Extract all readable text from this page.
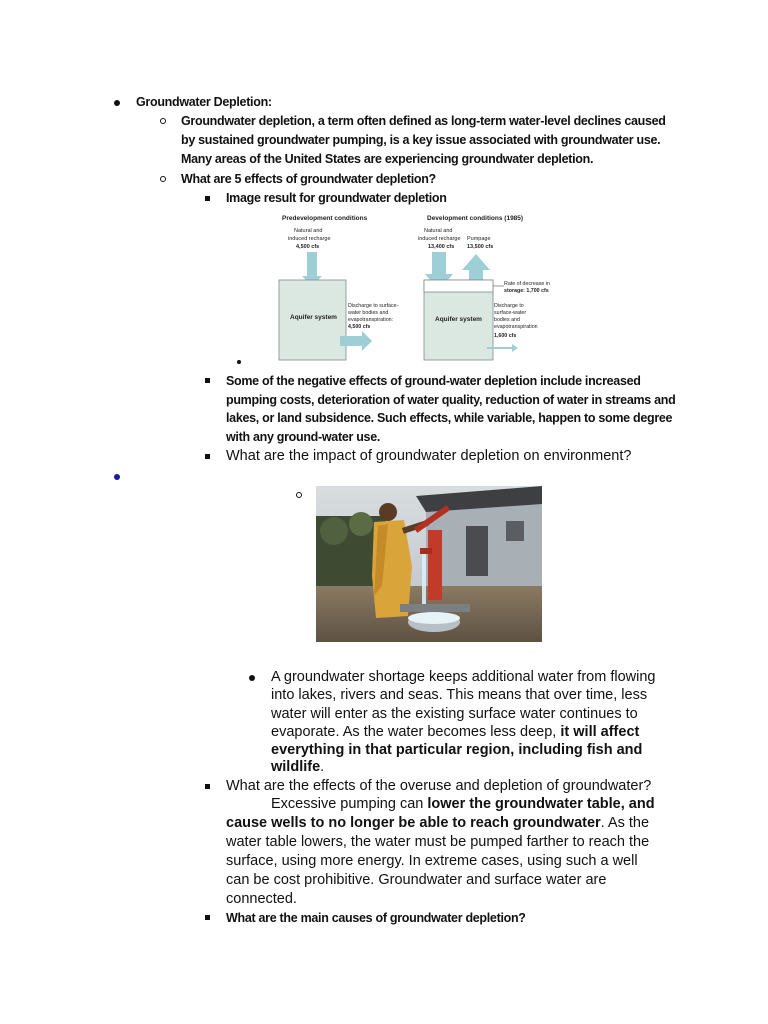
Groundwater Depletion:
Groundwater depletion, a term often defined as long-term water-level declines caused
by sustained groundwater pumping, is a key issue associated with groundwater use.
Many areas of the United States are experiencing groundwater depletion.
What are 5 effects of groundwater depletion?
Image result for groundwater depletion
Predevelopment conditions
Natural and
induced recharge
4,500 cfs
Aquifer system
Discharge to surface-
water bodies and
evapotranspiration:
4,500 cfs
Development conditions (1985)
Natural and
induced recharge
13,400 cfs
Pumpage
13,500 cfs
Aquifer system
Rate of decrease in
storage: 1,700 cfs
Discharge to
surface-water
bodies and
evapotranspiration
1,600 cfs
Some of the negative effects of ground-water depletion include increased
pumping costs, deterioration of water quality, reduction of water in streams and
lakes, or land subsidence. Such effects, while variable, happen to some degree
with any ground-water use.
What are the impact of groundwater depletion on environment?
A groundwater shortage keeps additional water from flowing
into lakes, rivers and seas. This means that over time, less
water will enter as the existing surface water continues to
evaporate. As the water becomes less deep, it will affect
everything in that particular region, including fish and
wildlife.
What are the effects of the overuse and depletion of groundwater?
Excessive pumping can lower the groundwater table, and
cause wells to no longer be able to reach groundwater. As the
water table lowers, the water must be pumped farther to reach the
surface, using more energy. In extreme cases, using such a well
can be cost prohibitive. Groundwater and surface water are
connected.
What are the main causes of groundwater depletion?
